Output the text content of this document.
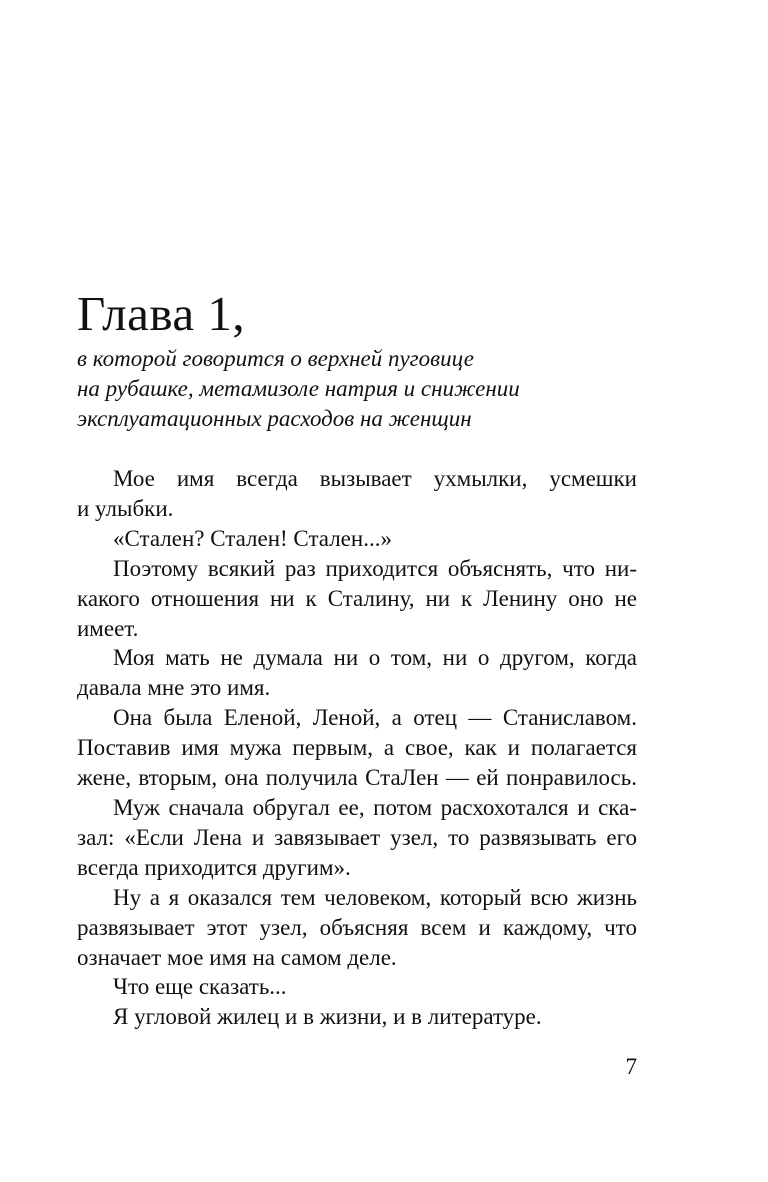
Глава 1,
в которой говорится о верхней пуговице
на рубашке, метамизоле натрия и снижении
эксплуатационных расходов на женщин
Мое имя всегда вызывает ухмылки, усмешки
и улыбки.
«Стален? Стален! Стален...»
Поэтому всякий раз приходится объяснять, что ни-
какого отношения ни к Сталину, ни к Ленину оно не
имеет.
Моя мать не думала ни о том, ни о другом, когда
давала мне это имя.
Она была Еленой, Леной, а отец — Станиславом.
Поставив имя мужа первым, а свое, как и полагается
жене, вторым, она получила СтаЛен — ей понравилось.
Муж сначала обругал ее, потом расхохотался и ска-
зал: «Если Лена и завязывает узел, то развязывать его
всегда приходится другим».
Ну а я оказался тем человеком, который всю жизнь
развязывает этот узел, объясняя всем и каждому, что
означает мое имя на самом деле.
Что еще сказать...
Я угловой жилец и в жизни, и в литературе.
7
